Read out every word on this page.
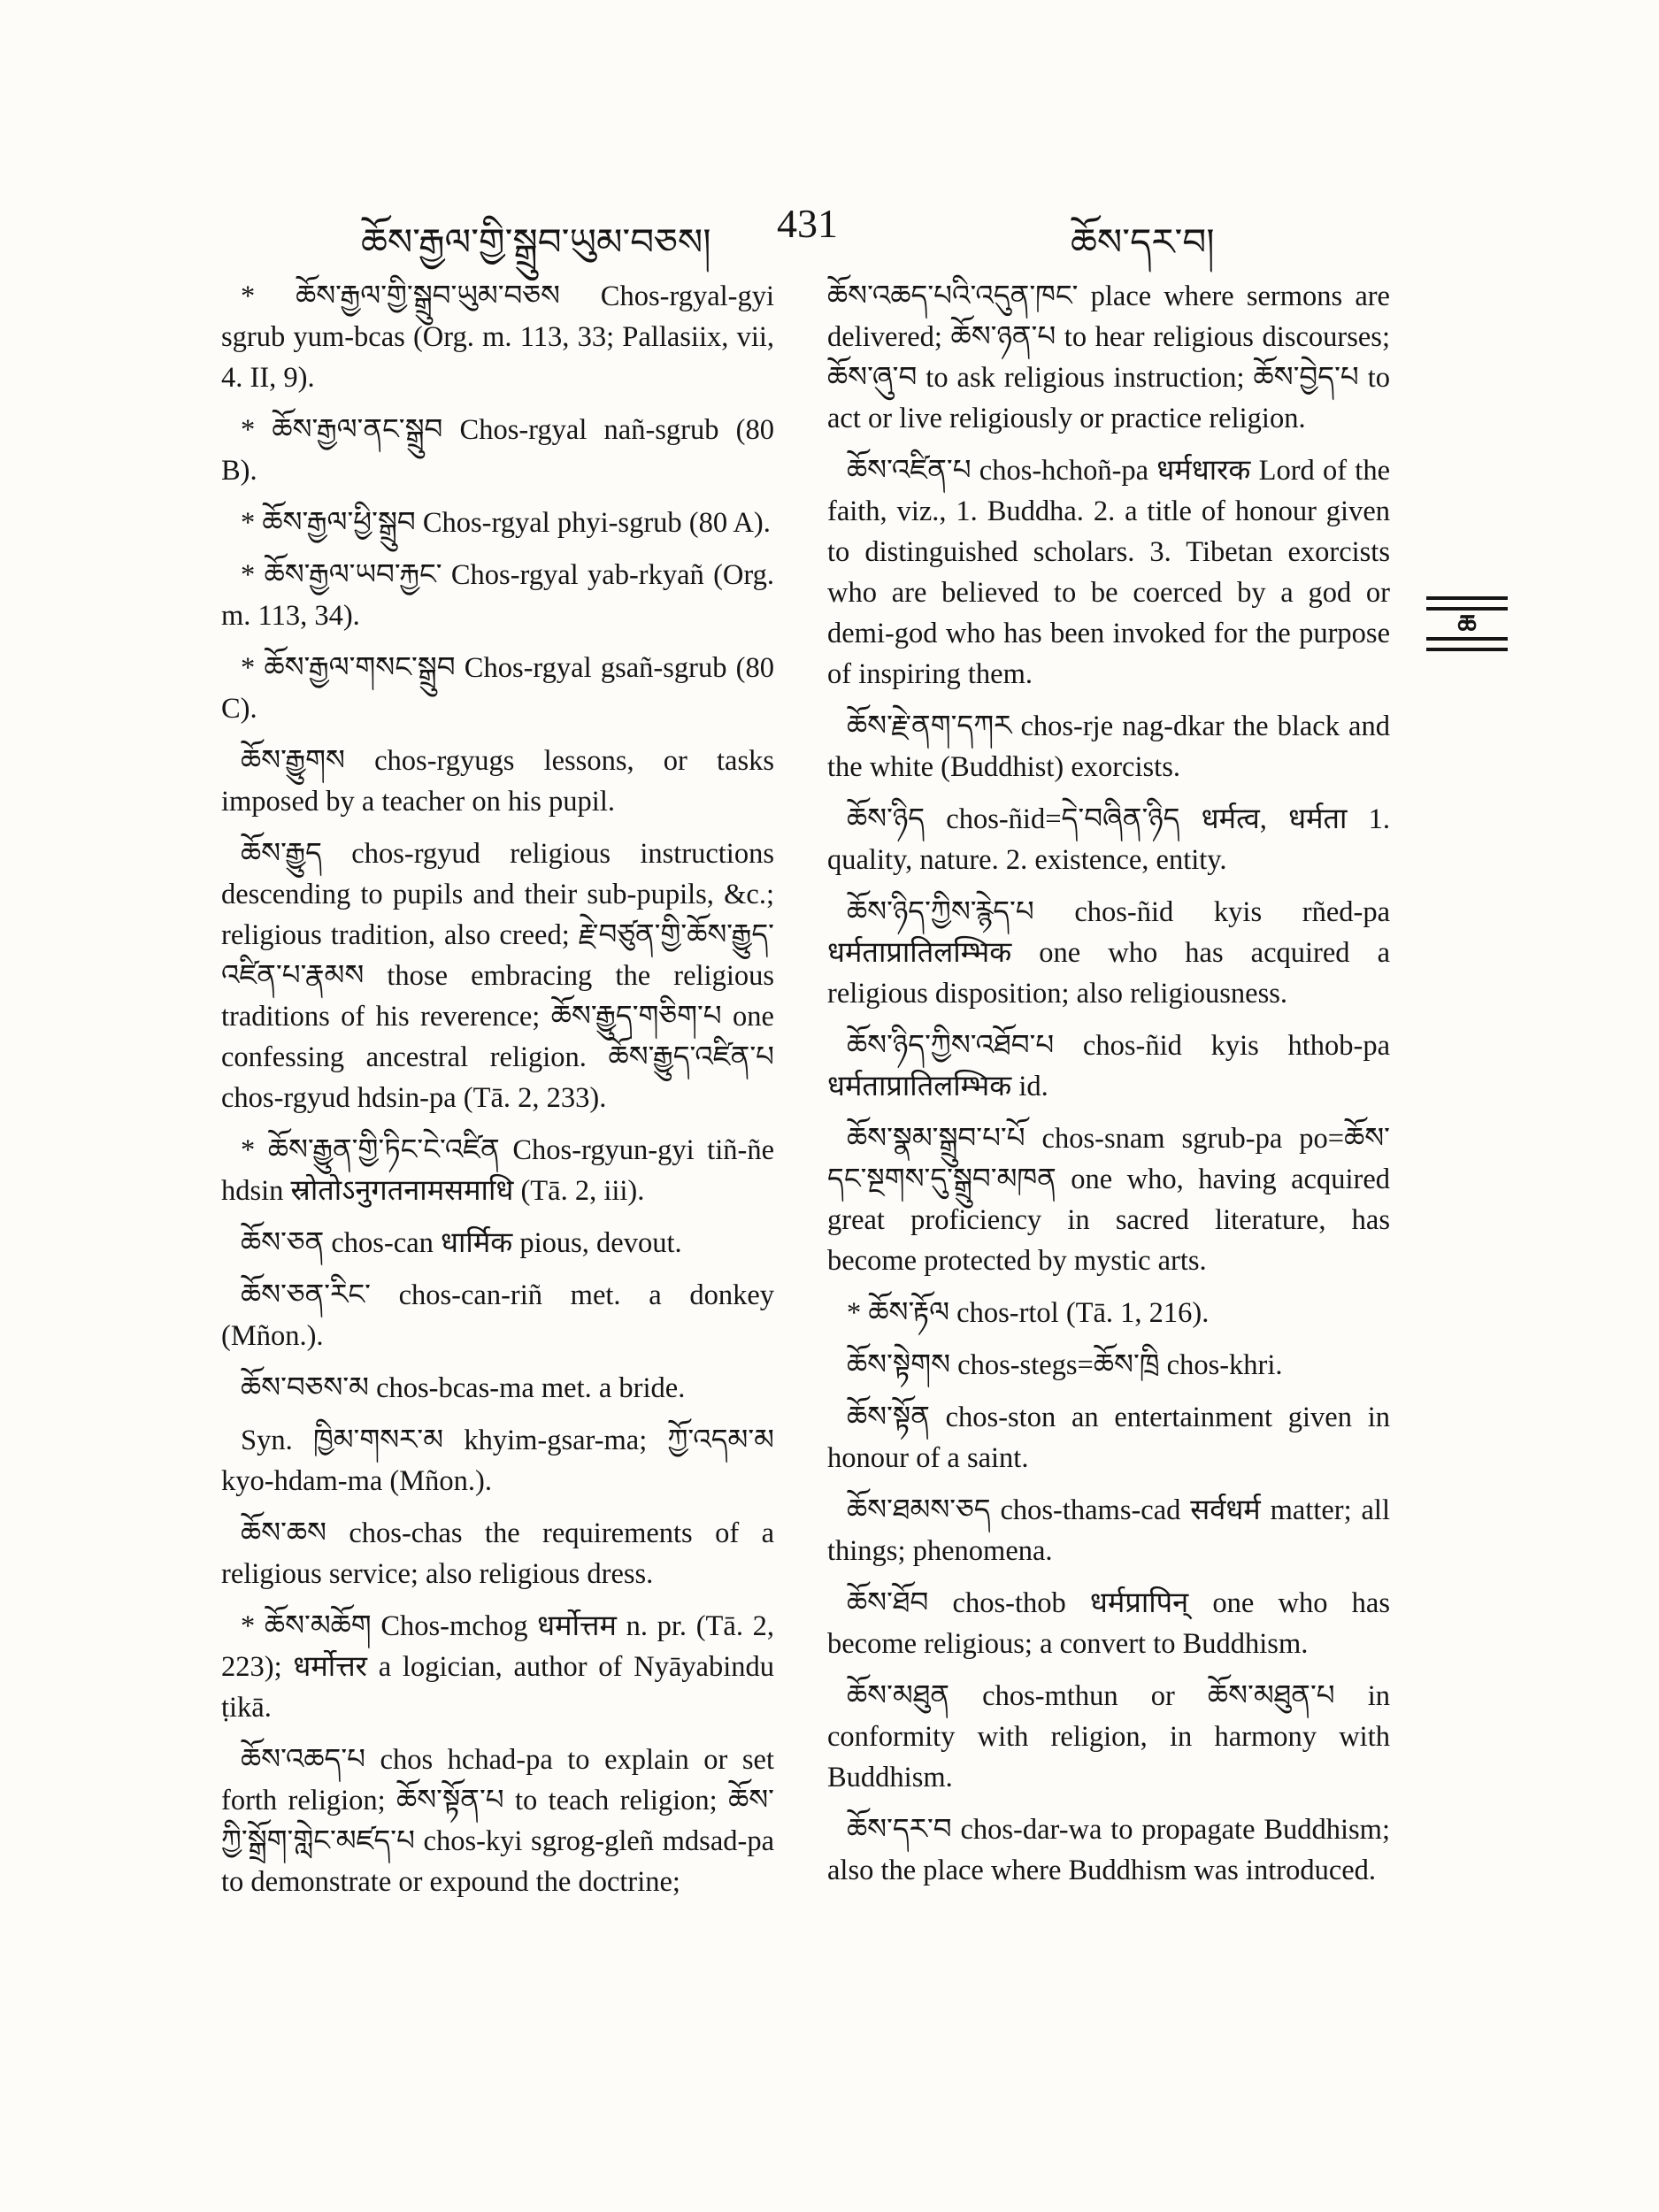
ཆོས་རྒྱལ་གྱི་སྒྲུབ་ཡུམ་བཅས། 431	ཆོས་དར་བ།

* ཆོས་རྒྱལ་གྱི་སྒྲུབ་ཡུམ་བཅས Chos-rgyal-gyi sgrub yum-bcas (Org. m. 113, 33; Pallasiix, vii, 4. II, 9).

* ཆོས་རྒྱལ་ནང་སྒྲུབ Chos-rgyal nañ-sgrub (80 B).

* ཆོས་རྒྱལ་ཕྱི་སྒྲུབ Chos-rgyal phyi-sgrub (80 A).

* ཆོས་རྒྱལ་ཡབ་རྐྱང་ Chos-rgyal yab-rkyañ (Org. m. 113, 34).

* ཆོས་རྒྱལ་གསང་སྒྲུབ Chos-rgyal gsañ-sgrub (80 C).

ཆོས་རྒྱུགས chos-rgyugs lessons, or tasks imposed by a teacher on his pupil.

ཆོས་རྒྱུད chos-rgyud religious instructions descending to pupils and their sub-pupils, &c.; religious tradition, also creed; རྗེ་བཙུན་གྱི་ཆོས་རྒྱུད་འཛིན་པ་རྣམས those embracing the religious traditions of his reverence; ཆོས་རྒྱུད་གཅིག་པ one confessing ancestral religion. ཆོས་རྒྱུད་འཛིན་པ chos-rgyud hdsin-pa (Tā. 2, 233).

* ཆོས་རྒྱུན་གྱི་ཏིང་ངེ་འཛིན Chos-rgyun-gyi tiñ-ñe hdsin स्रोतोऽनुगतनामसमाधि (Tā. 2, iii).

ཆོས་ཅན chos-can धार्मिक pious, devout.

ཆོས་ཅན་རིང་ chos-can-riñ met. a donkey (Mñon.).

ཆོས་བཅས་མ chos-bcas-ma met. a bride.

Syn. ཁྱིམ་གསར་མ khyim-gsar-ma; ཀྱོ་འདམ་མ kyo-hdam-ma (Mñon.).

ཆོས་ཆས chos-chas the requirements of a religious service; also religious dress.

* ཆོས་མཆོག Chos-mchog धर्मोत्तम n. pr. (Tā. 2, 223); धर्मोत्तर a logician, author of Nyāyabindu ṭikā.

ཆོས་འཆད་པ chos hchad-pa to explain or set forth religion; ཆོས་སྟོན་པ to teach religion; ཆོས་ཀྱི་སྒྲོག་གླེང་མཛད་པ chos-kyi sgrog-gleñ mdsad-pa to demonstrate or expound the doctrine;

ཆོས་འཆད་པའི་འདུན་ཁང་ place where sermons are delivered; ཆོས་ཉན་པ to hear religious discourses; ཆོས་ཞུ་བ to ask religious instruction; ཆོས་བྱེད་པ to act or live religiously or practice religion.

ཆོས་འཛིན་པ chos-hchoñ-pa धर्मधारक Lord of the faith, viz., 1. Buddha. 2. a title of honour given to distinguished scholars. 3. Tibetan exorcists who are believed to be coerced by a god or demi-god who has been invoked for the purpose of inspiring them.

ཆོས་རྗེ་ནག་དཀར chos-rje nag-dkar the black and the white (Buddhist) exorcists.

ཆོས་ཉིད chos-ñid=དེ་བཞིན་ཉིད धर्मत्व, धर्मता 1. quality, nature. 2. existence, entity.

ཆོས་ཉིད་ཀྱིས་རྙེད་པ chos-ñid kyis rñed-pa धर्मताप्रातिलम्भिक one who has acquired a religious disposition; also religiousness.

ཆོས་ཉིད་ཀྱིས་འཐོབ་པ chos-ñid kyis hthob-pa धर्मताप्रातिलम्भिक id.

ཆོས་སྣམ་སྒྲུབ་པ་པོ chos-snam sgrub-pa po=ཆོས་དང་སྔགས་དུ་སྒྲུབ་མཁན one who, having acquired great proficiency in sacred literature, has become protected by mystic arts.

* ཆོས་རྟོལ chos-rtol (Tā. 1, 216).

ཆོས་སྟེགས chos-stegs=ཆོས་ཁྲི chos-khri.

ཆོས་སྟོན chos-ston an entertainment given in honour of a saint.

ཆོས་ཐམས་ཅད chos-thams-cad सर्वधर्म matter; all things; phenomena.

ཆོས་ཐོབ chos-thob धर्मप्रापिन् one who has become religious; a convert to Buddhism.

ཆོས་མཐུན chos-mthun or ཆོས་མཐུན་པ in conformity with religion, in harmony with Buddhism.

ཆོས་དར་བ chos-dar-wa to propagate Buddhism; also the place where Buddhism was introduced.

ཆ
